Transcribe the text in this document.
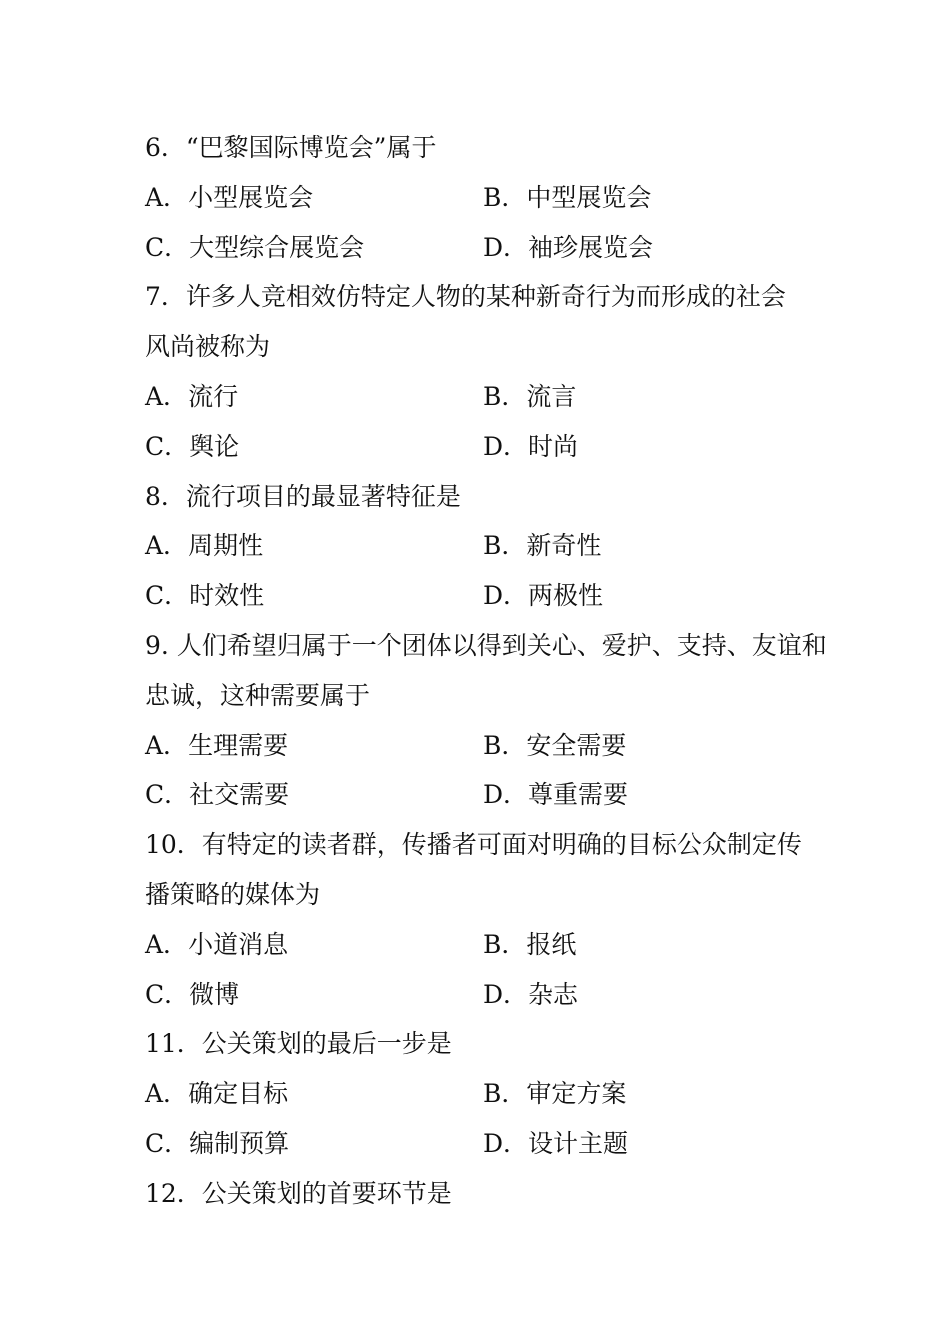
6．“巴黎国际博览会”属于
A．小型展览会	B．中型展览会
C．大型综合展览会	D．袖珍展览会
7．许多人竞相效仿特定人物的某种新奇行为而形成的社会
风尚被称为
A．流行	B．流言
C．舆论	D．时尚
8．流行项目的最显著特征是
A．周期性	B．新奇性
C．时效性	D．两极性
9. 人们希望归属于一个团体以得到关心、爱护、支持、友谊和
忠诚，这种需要属于
A．生理需要	B．安全需要
C．社交需要	D．尊重需要
10．有特定的读者群，传播者可面对明确的目标公众制定传
播策略的媒体为
A．小道消息	B．报纸
C．微博	D．杂志
11．公关策划的最后一步是
A．确定目标	B．审定方案
C．编制预算	D．设计主题
12．公关策划的首要环节是
